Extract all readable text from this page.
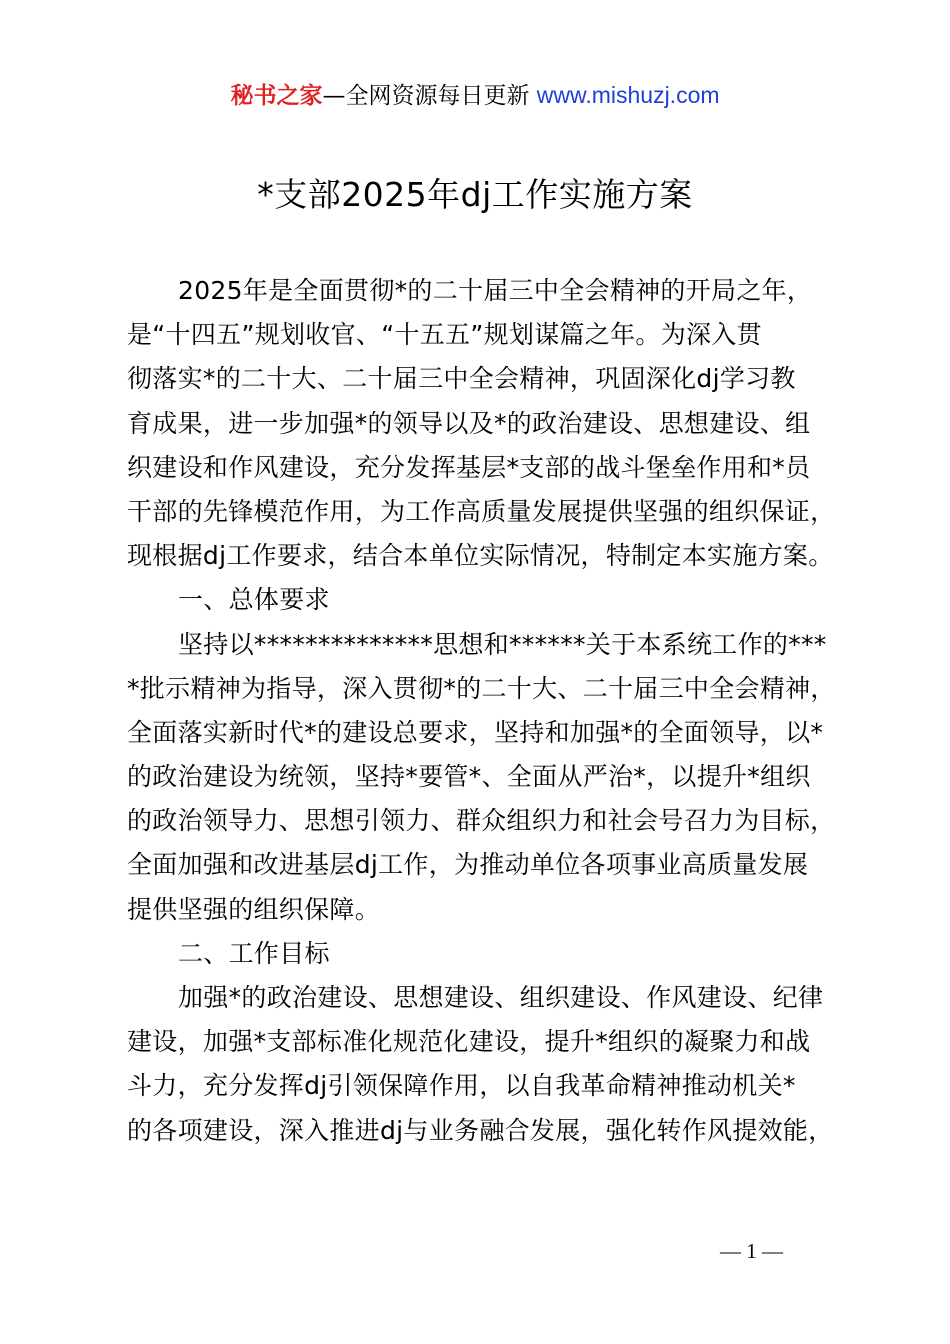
秘书之家—全网资源每日更新 www.mishuzj.com
*支部2025年dj工作实施方案
2025年是全面贯彻*的二十届三中全会精神的开局之年，
是“十四五”规划收官、“十五五”规划谋篇之年。为深入贯
彻落实*的二十大、二十届三中全会精神，巩固深化dj学习教
育成果，进一步加强*的领导以及*的政治建设、思想建设、组
织建设和作风建设，充分发挥基层*支部的战斗堡垒作用和*员
干部的先锋模范作用，为工作高质量发展提供坚强的组织保证，
现根据dj工作要求，结合本单位实际情况，特制定本实施方案。
一、总体要求
坚持以**************思想和******关于本系统工作的***
*批示精神为指导，深入贯彻*的二十大、二十届三中全会精神，
全面落实新时代*的建设总要求，坚持和加强*的全面领导，以*
的政治建设为统领，坚持*要管*、全面从严治*，以提升*组织
的政治领导力、思想引领力、群众组织力和社会号召力为目标，
全面加强和改进基层dj工作，为推动单位各项事业高质量发展
提供坚强的组织保障。
二、工作目标
加强*的政治建设、思想建设、组织建设、作风建设、纪律
建设，加强*支部标准化规范化建设，提升*组织的凝聚力和战
斗力，充分发挥dj引领保障作用，以自我革命精神推动机关*
的各项建设，深入推进dj与业务融合发展，强化转作风提效能，
— 1 —
